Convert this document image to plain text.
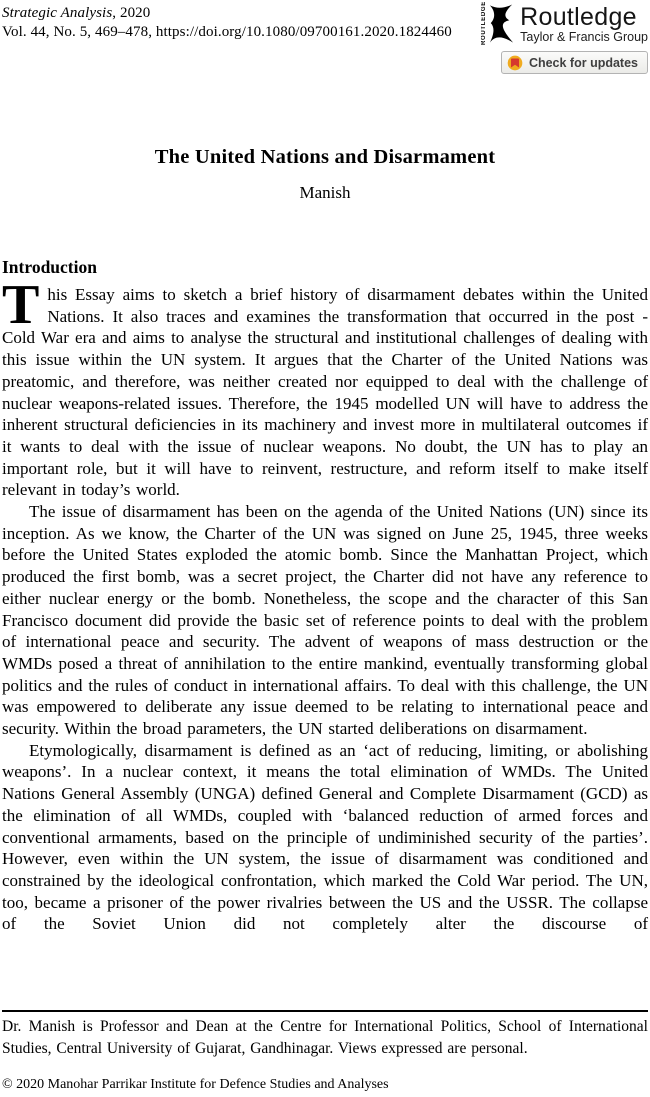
Strategic Analysis, 2020
Vol. 44, No. 5, 469–478, https://doi.org/10.1080/09700161.2020.1824460	ROUTLEDGE Routledge
Taylor & Francis Group
Check for updates
The United Nations and Disarmament
Manish
Introduction

This Essay aims to sketch a brief history of disarmament debates within the United Nations. It also traces and examines the transformation that occurred in the post -Cold War era and aims to analyse the structural and institutional challenges of dealing with this issue within the UN system. It argues that the Charter of the United Nations was preatomic, and therefore, was neither created nor equipped to deal with the challenge of nuclear weapons-related issues. Therefore, the 1945 modelled UN will have to address the inherent structural deficiencies in its machinery and invest more in multilateral outcomes if it wants to deal with the issue of nuclear weapons. No doubt, the UN has to play an important role, but it will have to reinvent, restructure, and reform itself to make itself relevant in today’s world.

The issue of disarmament has been on the agenda of the United Nations (UN) since its inception. As we know, the Charter of the UN was signed on June 25, 1945, three weeks before the United States exploded the atomic bomb. Since the Manhattan Project, which produced the first bomb, was a secret project, the Charter did not have any reference to either nuclear energy or the bomb. Nonetheless, the scope and the character of this San Francisco document did provide the basic set of reference points to deal with the problem of international peace and security. The advent of weapons of mass destruction or the WMDs posed a threat of annihilation to the entire mankind, eventually transforming global politics and the rules of conduct in international affairs. To deal with this challenge, the UN was empowered to deliberate any issue deemed to be relating to international peace and security. Within the broad parameters, the UN started deliberations on disarmament.

Etymologically, disarmament is defined as an ‘act of reducing, limiting, or abolishing weapons’. In a nuclear context, it means the total elimination of WMDs. The United Nations General Assembly (UNGA) defined General and Complete Disarmament (GCD) as the elimination of all WMDs, coupled with ‘balanced reduction of armed forces and conventional armaments, based on the principle of undiminished security of the parties’. However, even within the UN system, the issue of disarmament was conditioned and constrained by the ideological confrontation, which marked the Cold War period. The UN, too, became a prisoner of the power rivalries between the US and the USSR. The collapse of the Soviet Union did not completely alter the discourse of

Dr. Manish is Professor and Dean at the Centre for International Politics, School of International Studies, Central University of Gujarat, Gandhinagar. Views expressed are personal.

© 2020 Manohar Parrikar Institute for Defence Studies and Analyses
